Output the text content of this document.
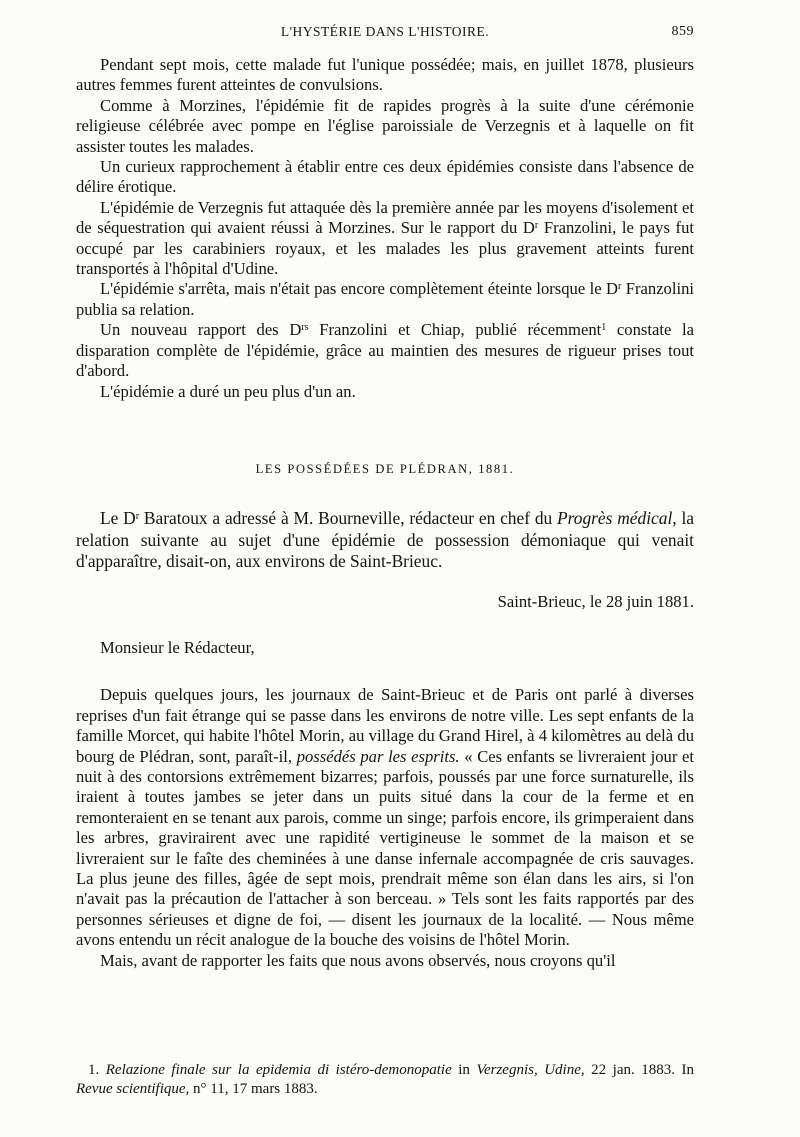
L'HYSTÉRIE DANS L'HISTOIRE.	859

Pendant sept mois, cette malade fut l'unique possédée; mais, en juillet 1878, plusieurs autres femmes furent atteintes de convulsions.

Comme à Morzines, l'épidémie fit de rapides progrès à la suite d'une cérémonie religieuse célébrée avec pompe en l'église paroissiale de Verzegnis et à laquelle on fit assister toutes les malades.

Un curieux rapprochement à établir entre ces deux épidémies consiste dans l'absence de délire érotique.

L'épidémie de Verzegnis fut attaquée dès la première année par les moyens d'isolement et de séquestration qui avaient réussi à Morzines. Sur le rapport du $D^r$ Franzolini, le pays fut occupé par les carabiniers royaux, et les malades les plus gravement atteints furent transportés à l'hôpital d'Udine.

L'épidémie s'arrêta, mais n'était pas encore complètement éteinte lorsque le $D^r$ Franzolini publia sa relation.

Un nouveau rapport des $D^{rs}$ Franzolini et Chiap, publié récemment$^1$ constate la disparation complète de l'épidémie, grâce au maintien des mesures de rigueur prises tout d'abord.

L'épidémie a duré un peu plus d'un an.

LES POSSÉDÉES DE PLÉDRAN, 1881.

Le $D^r$ Baratoux a adressé à M. Bourneville, rédacteur en chef du Progrès médical, la relation suivante au sujet d'une épidémie de possession démoniaque qui venait d'apparaître, disait-on, aux environs de Saint-Brieuc.

Saint-Brieuc, le 28 juin 1881.
Monsieur le Rédacteur,

Depuis quelques jours, les journaux de Saint-Brieuc et de Paris ont parlé à diverses reprises d'un fait étrange qui se passe dans les environs de notre ville. Les sept enfants de la famille Morcet, qui habite l'hôtel Morin, au village du Grand Hirel, à 4 kilomètres au delà du bourg de Plédran, sont, paraît-il, possédés par les esprits. « Ces enfants se livreraient jour et nuit à des contorsions extrêmement bizarres; parfois, poussés par une force surnaturelle, ils iraient à toutes jambes se jeter dans un puits situé dans la cour de la ferme et en remonteraient en se tenant aux parois, comme un singe; parfois encore, ils grimperaient dans les arbres, gravirairent avec une rapidité vertigineuse le sommet de la maison et se livreraient sur le faîte des cheminées à une danse infernale accompagnée de cris sauvages. La plus jeune des filles, âgée de sept mois, prendrait même son élan dans les airs, si l'on n'avait pas la précaution de l'attacher à son berceau. » Tels sont les faits rapportés par des personnes sérieuses et digne de foi, — disent les journaux de la localité. — Nous même avons entendu un récit analogue de la bouche des voisins de l'hôtel Morin.

Mais, avant de rapporter les faits que nous avons observés, nous croyons qu'il

1. Relazione finale sur la epidemia di istéro-demonopatie in Verzegnis, Udine, 22 jan. 1883. In Revue scientifique, n° 11, 17 mars 1883.
